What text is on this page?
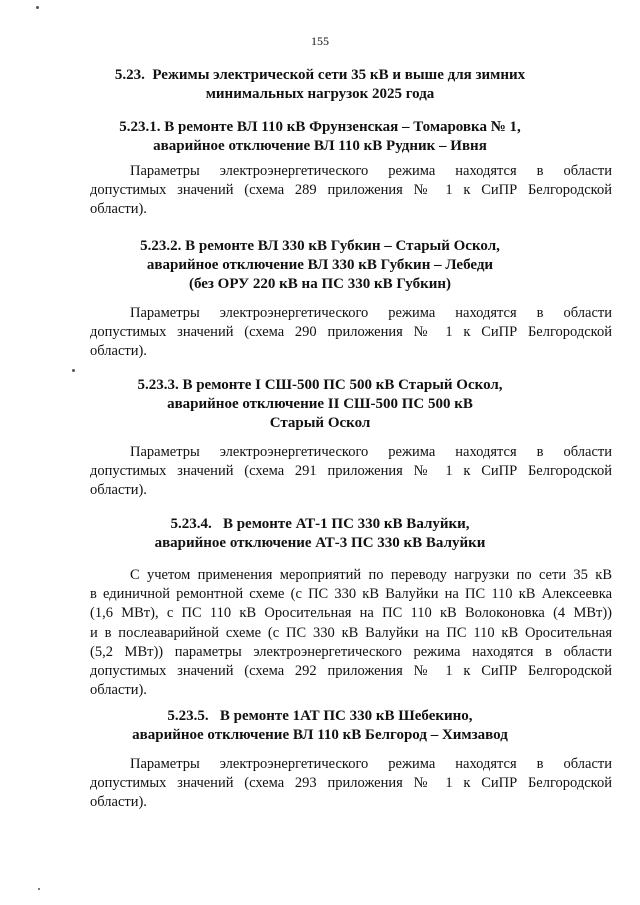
155
5.23.  Режимы электрической сети 35 кВ и выше для зимних
минимальных нагрузок 2025 года
5.23.1. В ремонте ВЛ 110 кВ Фрунзенская – Томаровка № 1,
аварийное отключение ВЛ 110 кВ Рудник – Ивня
Параметры электроэнергетического режима находятся в области
допустимых значений (схема 289 приложения № 1 к СиПР Белгородской
области).
5.23.2. В ремонте ВЛ 330 кВ Губкин – Старый Оскол,
аварийное отключение ВЛ 330 кВ Губкин – Лебеди
(без ОРУ 220 кВ на ПС 330 кВ Губкин)
Параметры электроэнергетического режима находятся в области
допустимых значений (схема 290 приложения № 1 к СиПР Белгородской
области).
5.23.3. В ремонте I СШ-500 ПС 500 кВ Старый Оскол,
аварийное отключение II СШ-500 ПС 500 кВ
Старый Оскол
Параметры электроэнергетического режима находятся в области
допустимых значений (схема 291 приложения № 1 к СиПР Белгородской
области).
5.23.4.   В ремонте АТ-1 ПС 330 кВ Валуйки,
аварийное отключение АТ-3 ПС 330 кВ Валуйки
С учетом применения мероприятий по переводу нагрузки по сети 35 кВ
в единичной ремонтной схеме (с ПС 330 кВ Валуйки на ПС 110 кВ Алексеевка
(1,6 МВт), с ПС 110 кВ Оросительная на ПС 110 кВ Волоконовка (4 МВт))
и в послеаварийной схеме (с ПС 330 кВ Валуйки на ПС 110 кВ Оросительная
(5,2 МВт)) параметры электроэнергетического режима находятся в области
допустимых значений (схема 292 приложения № 1 к СиПР Белгородской
области).
5.23.5.   В ремонте 1АТ ПС 330 кВ Шебекино,
аварийное отключение ВЛ 110 кВ Белгород – Химзавод
Параметры электроэнергетического режима находятся в области
допустимых значений (схема 293 приложения № 1 к СиПР Белгородской
области).
